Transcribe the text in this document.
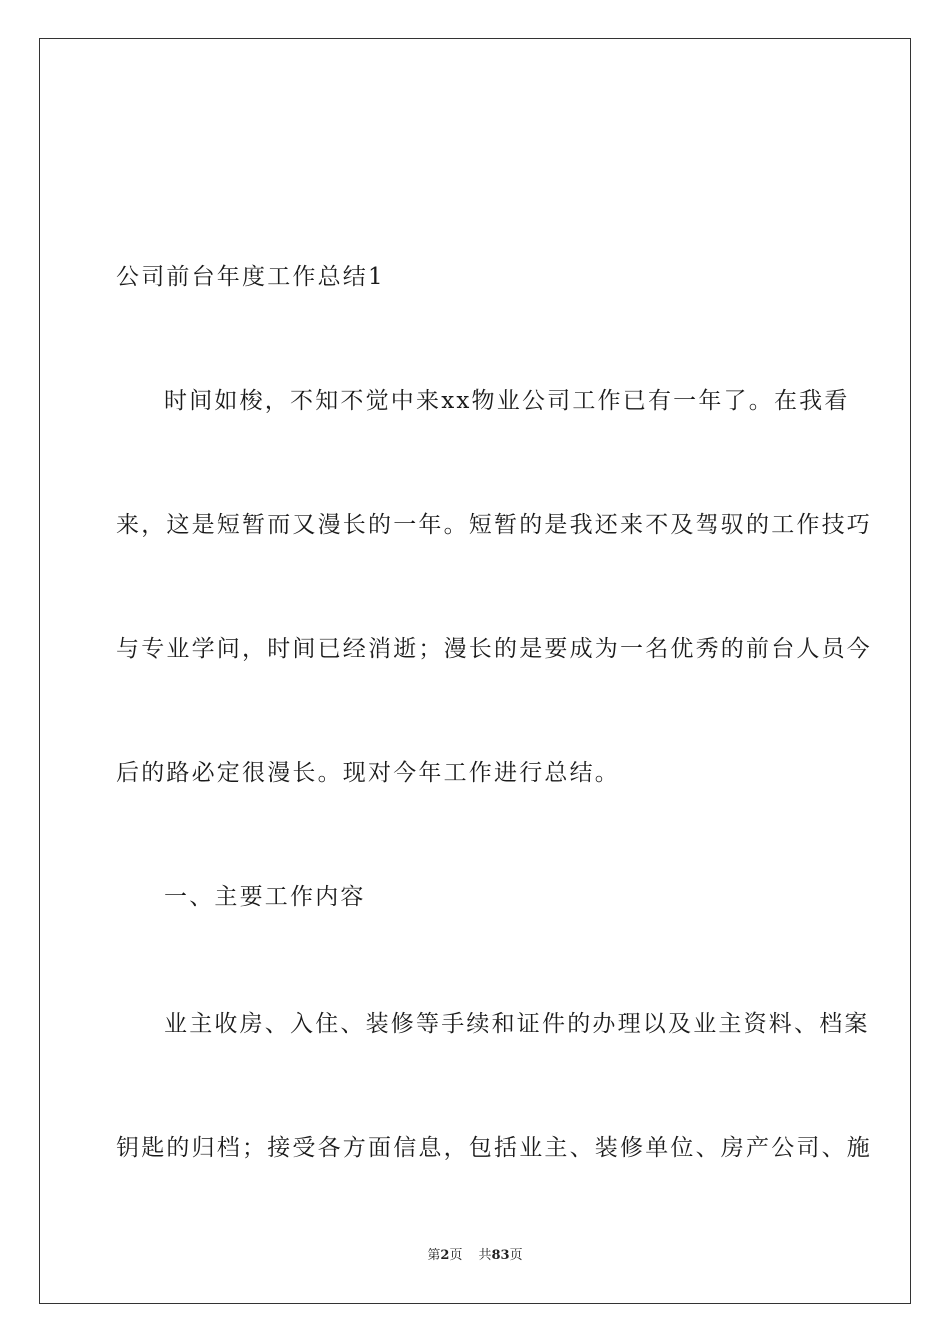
公司前台年度工作总结1
时间如梭，不知不觉中来xx物业公司工作已有一年了。在我看
来，这是短暂而又漫长的一年。短暂的是我还来不及驾驭的工作技巧
与专业学问，时间已经消逝；漫长的是要成为一名优秀的前台人员今
后的路必定很漫长。现对今年工作进行总结。
一、主要工作内容
业主收房、入住、装修等手续和证件的办理以及业主资料、档案
钥匙的归档；接受各方面信息，包括业主、装修单位、房产公司、施
第2页 共83页
